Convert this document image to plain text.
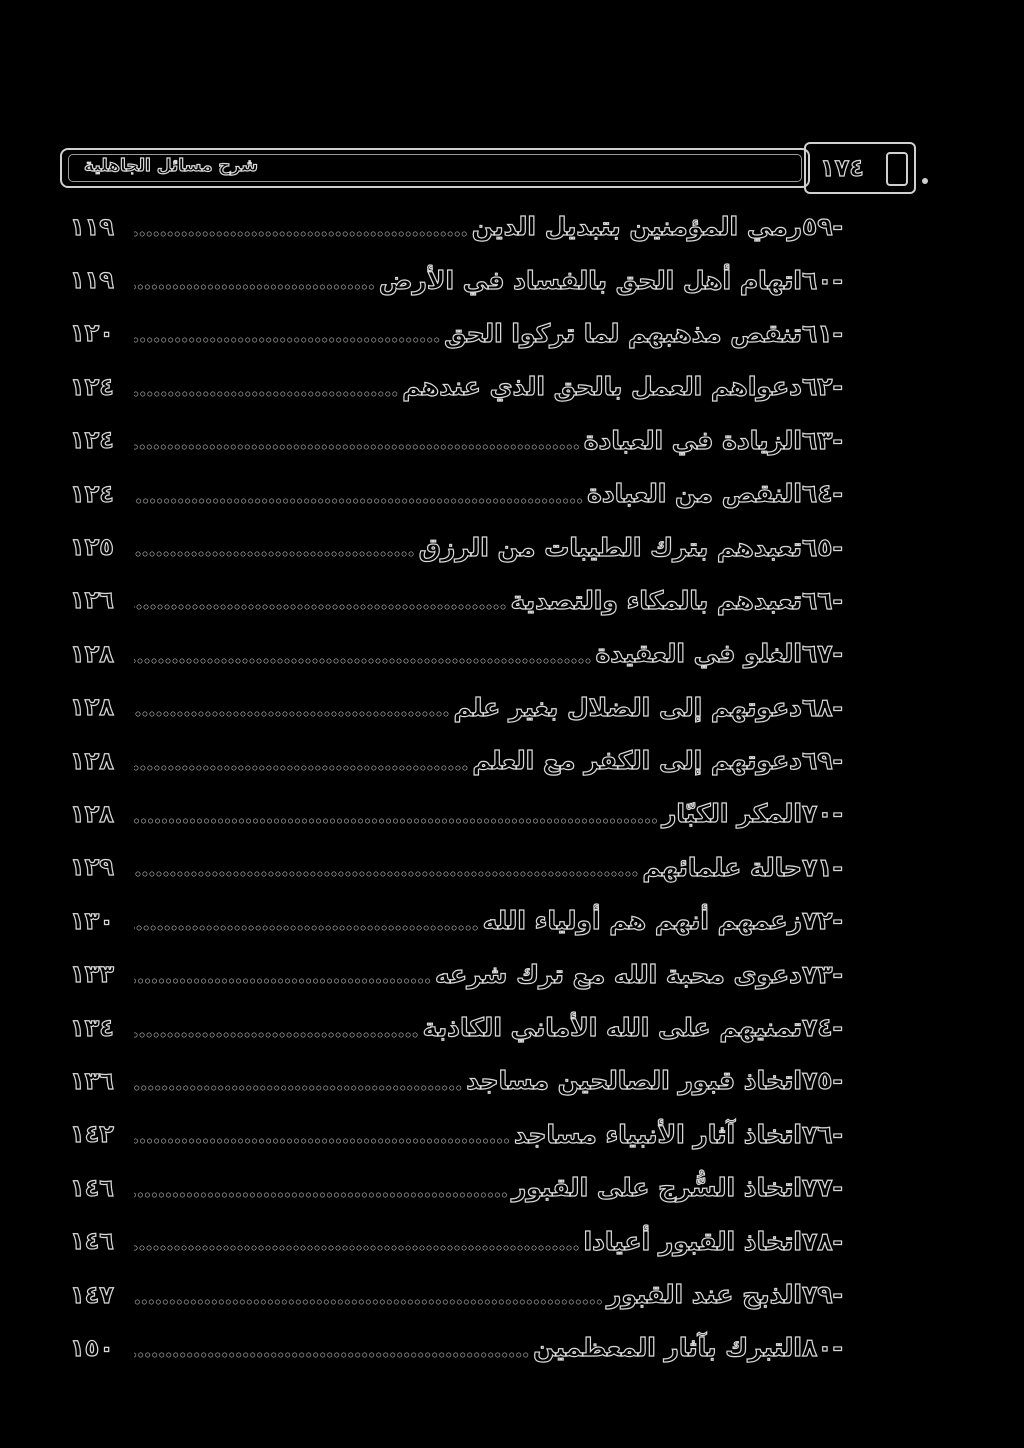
شرح مسائل الجاهلية	١٧٤
٥٩-
رمي المؤمنين بتبديل الدين
١١٩
٦٠-
اتهام أهل الحق بالفساد في الأرض
١١٩
٦١-
تنقص مذهبهم لما تركوا الحق
١٢٠
٦٢-
دعواهم العمل بالحق الذي عندهم
١٢٤
٦٣-
الزيادة في العبادة
١٢٤
٦٤-
النقص من العبادة
١٢٤
٦٥-
تعبدهم بترك الطيبات من الرزق
١٢٥
٦٦-
تعبدهم بالمكاء والتصدية
١٢٦
٦٧-
الغلو في العقيدة
١٢٨
٦٨-
دعوتهم إلى الضلال بغير علم
١٢٨
٦٩-
دعوتهم إلى الكفر مع العلم
١٢٨
٧٠-
المكر الكبّار
١٢٨
٧١-
حالة علمائهم
١٢٩
٧٢-
زعمهم أنهم هم أولياء الله
١٣٠
٧٣-
دعوى محبة الله مع ترك شرعه
١٣٣
٧٤-
تمنيهم على الله الأماني الكاذبة
١٣٤
٧٥-
اتخاذ قبور الصالحين مساجد
١٣٦
٧٦-
اتخاذ آثار الأنبياء مساجد
١٤٢
٧٧-
اتخاذ السُّرج على القبور
١٤٦
٧٨-
اتخاذ القبور أعيادا
١٤٦
٧٩-
الذبح عند القبور
١٤٧
٨٠-
التبرك بآثار المعظمين
١٥٠
